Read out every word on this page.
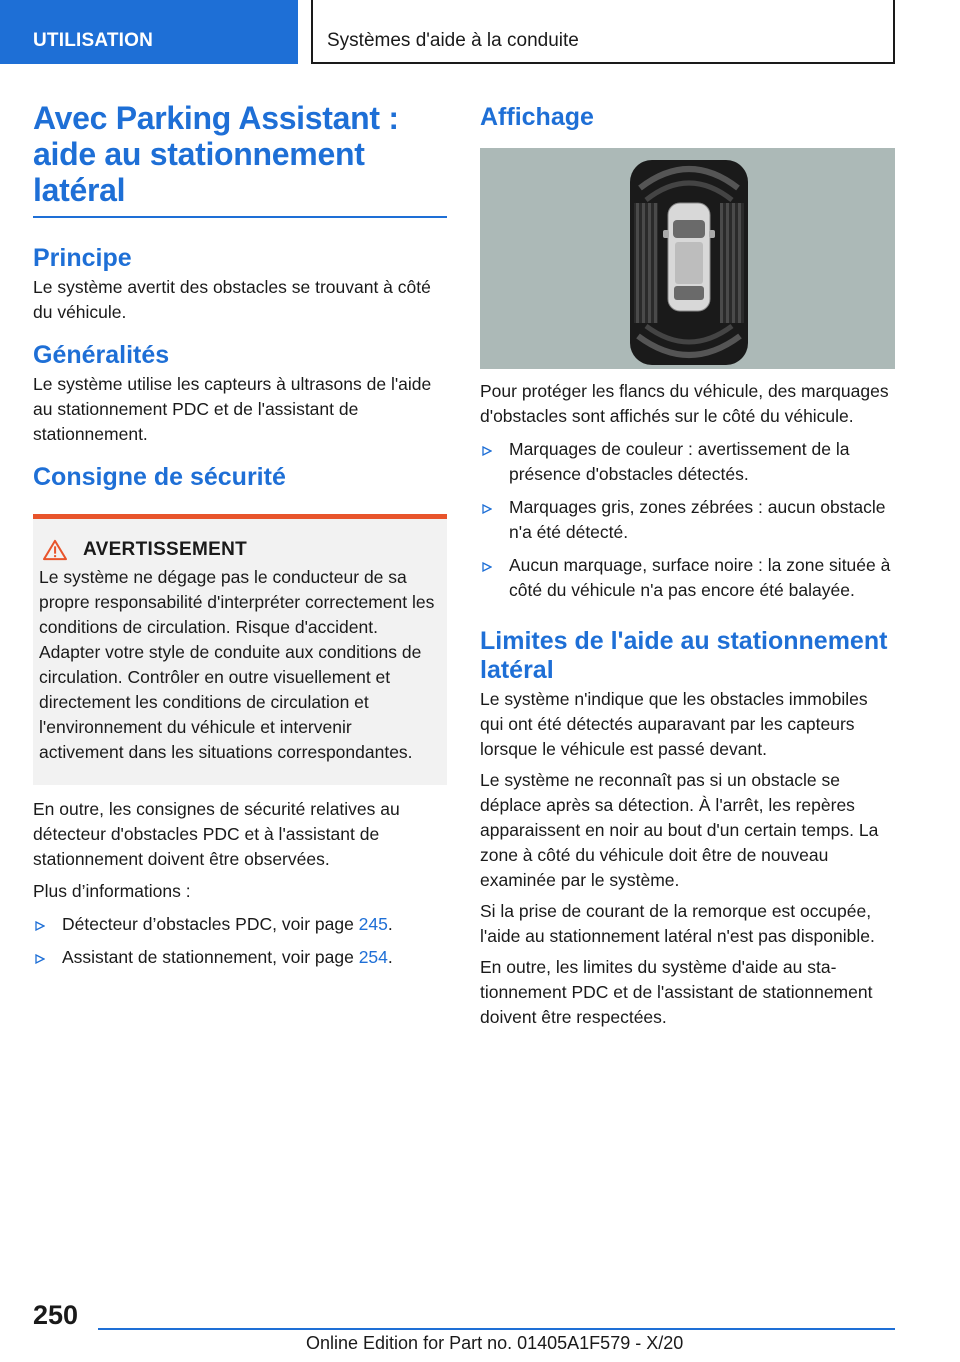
UTILISATION	Systèmes d'aide à la conduite
Avec Parking Assistant :
aide au stationnement
latéral
Principe

Le système avertit des obstacles se trouvant à côté du véhicule.

Généralités

Le système utilise les capteurs à ultrasons de l'aide au stationnement PDC et de l'assistant de stationnement.

Consigne de sécurité
AVERTISSEMENT

Le système ne dégage pas le conducteur de sa propre responsabilité d'interpréter correctement les conditions de circulation. Risque d'accident. Adapter votre style de conduite aux conditions de circulation. Contrôler en outre visuellement et directement les conditions de circulation et l'environnement du véhicule et intervenir activement dans les situations correspondantes.

En outre, les consignes de sécurité relatives au détecteur d'obstacles PDC et à l'assistant de stationnement doivent être observées.

Plus d’informations :

Détecteur d’obstacles PDC, voir page 245.
Assistant de stationnement, voir page 254.
Affichage

Pour protéger les flancs du véhicule, des marquages d'obstacles sont affichés sur le côté du véhicule.

Marquages de couleur : avertissement de la présence d'obstacles détectés.
Marquages gris, zones zébrées : aucun obstacle n'a été détecté.
Aucun marquage, surface noire : la zone située à côté du véhicule n'a pas encore été balayée.
Limites de l'aide au stationnement latéral

Le système n'indique que les obstacles immobiles qui ont été détectés auparavant par les capteurs lorsque le véhicule est passé devant.

Le système ne reconnaît pas si un obstacle se déplace après sa détection. À l'arrêt, les repères apparaissent en noir au bout d'un certain temps. La zone à côté du véhicule doit être de nouveau examinée par le système.

Si la prise de courant de la remorque est occupée, l'aide au stationnement latéral n'est pas disponible.

En outre, les limites du système d'aide au stationnement PDC et de l'assistant de stationnement doivent être respectées.

250
Online Edition for Part no. 01405A1F579 - X/20
